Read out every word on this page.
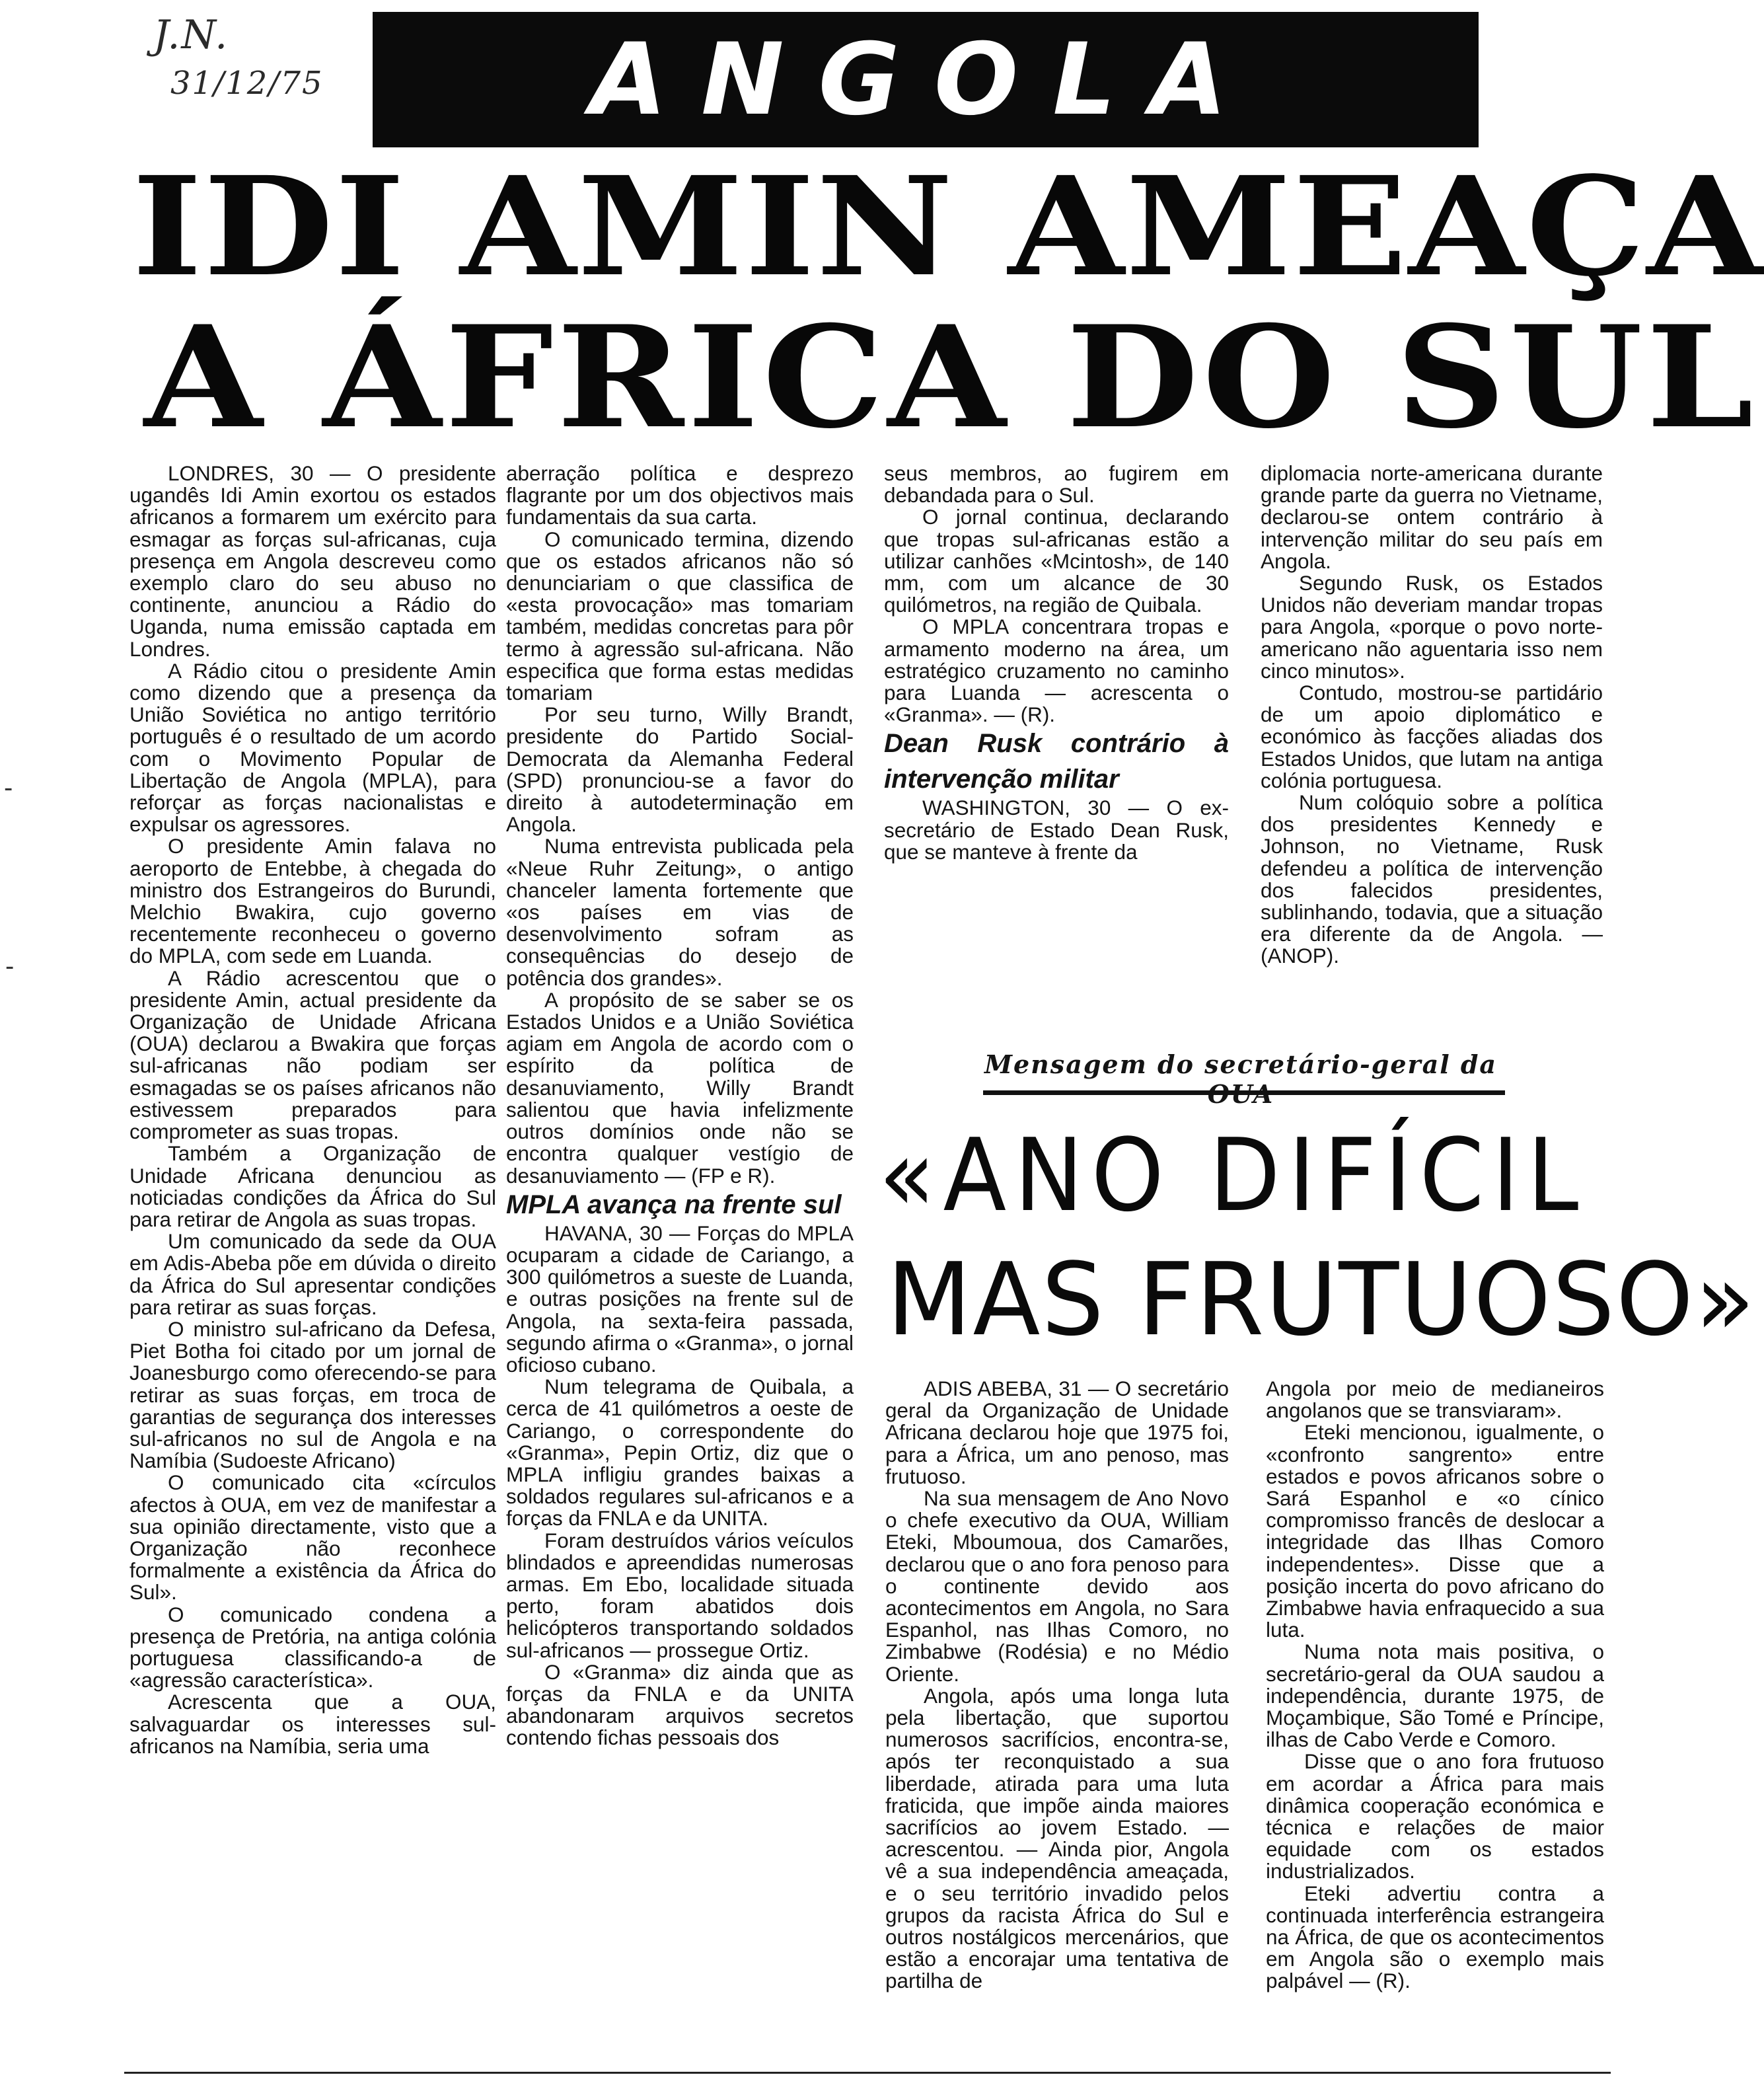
J.N.
31/12/75	ANGOLA
IDI AMIN AMEAÇA
A ÁFRICA DO SUL

LONDRES, 30 — O presidente ugandês Idi Amin exortou os estados africanos a formarem um exército para esmagar as forças sul-africanas, cuja presença em Angola descreveu como exemplo claro do seu abuso no continente, anunciou a Rádio do Uganda, numa emissão captada em Londres.

A Rádio citou o presidente Amin como dizendo que a presença da União Soviética no antigo território português é o resultado de um acordo com o Movimento Popular de Libertação de Angola (MPLA), para reforçar as forças nacionalistas e expulsar os agressores.

O presidente Amin falava no aeroporto de Entebbe, à chegada do ministro dos Estrangeiros do Burundi, Melchio Bwakira, cujo governo recentemente reconheceu o governo do MPLA, com sede em Luanda.

A Rádio acrescentou que o presidente Amin, actual presidente da Organização de Unidade Africana (OUA) declarou a Bwakira que forças sul-africanas não podiam ser esmagadas se os países africanos não estivessem preparados para comprometer as suas tropas.

Também a Organização de Unidade Africana denunciou as noticiadas condições da África do Sul para retirar de Angola as suas tropas.

Um comunicado da sede da OUA em Adis-Abeba põe em dúvida o direito da África do Sul apresentar condições para retirar as suas forças.

O ministro sul-africano da Defesa, Piet Botha foi citado por um jornal de Joanesburgo como oferecendo-se para retirar as suas forças, em troca de garantias de segurança dos interesses sul-africanos no sul de Angola e na Namíbia (Sudoeste Africano)

O comunicado cita «círculos afectos à OUA, em vez de manifestar a sua opinião directamente, visto que a Organização não reconhece formalmente a existência da África do Sul».

O comunicado condena a presença de Pretória, na antiga colónia portuguesa classificando-a de «agressão característica».

Acrescenta que a OUA, salvaguardar os interesses sul-africanos na Namíbia, seria uma

aberração política e desprezo flagrante por um dos objectivos mais fundamentais da sua carta.

O comunicado termina, dizendo que os estados africanos não só denunciariam o que classifica de «esta provocação» mas tomariam também, medidas concretas para pôr termo à agressão sul-africana. Não especifica que forma estas medidas tomariam

Por seu turno, Willy Brandt, presidente do Partido Social-Democrata da Alemanha Federal (SPD) pronunciou-se a favor do direito à autodeterminação em Angola.

Numa entrevista publicada pela «Neue Ruhr Zeitung», o antigo chanceler lamenta fortemente que «os países em vias de desenvolvimento sofram as consequências do desejo de potência dos grandes».

A propósito de se saber se os Estados Unidos e a União Soviética agiam em Angola de acordo com o espírito da política de desanuviamento, Willy Brandt salientou que havia infelizmente outros domínios onde não se encontra qualquer vestígio de desanuviamento — (FP e R).

MPLA avança na frente sul

HAVANA, 30 — Forças do MPLA ocuparam a cidade de Cariango, a 300 quilómetros a sueste de Luanda, e outras posições na frente sul de Angola, na sexta-feira passada, segundo afirma o «Granma», o jornal oficioso cubano.

Num telegrama de Quibala, a cerca de 41 quilómetros a oeste de Cariango, o correspondente do «Granma», Pepin Ortiz, diz que o MPLA infligiu grandes baixas a soldados regulares sul-africanos e a forças da FNLA e da UNITA.

Foram destruídos vários veículos blindados e apreendidas numerosas armas. Em Ebo, localidade situada perto, foram abatidos dois helicópteros transportando soldados sul-africanos — prossegue Ortiz.

O «Granma» diz ainda que as forças da FNLA e da UNITA abandonaram arquivos secretos contendo fichas pessoais dos

seus membros, ao fugirem em debandada para o Sul.

O jornal continua, declarando que tropas sul-africanas estão a utilizar canhões «Mcintosh», de 140 mm, com um alcance de 30 quilómetros, na região de Quibala.

O MPLA concentrara tropas e armamento moderno na área, um estratégico cruzamento no caminho para Luanda — acrescenta o «Granma». — (R).

Dean Rusk contrário à intervenção militar

WASHINGTON, 30 — O ex-secretário de Estado Dean Rusk, que se manteve à frente da

diplomacia norte-americana durante grande parte da guerra no Vietname, declarou-se ontem contrário à intervenção militar do seu país em Angola.

Segundo Rusk, os Estados Unidos não deveriam mandar tropas para Angola, «porque o povo norte-americano não aguentaria isso nem cinco minutos».

Contudo, mostrou-se partidário de um apoio diplomático e económico às facções aliadas dos Estados Unidos, que lutam na antiga colónia portuguesa.

Num colóquio sobre a política dos presidentes Kennedy e Johnson, no Vietname, Rusk defendeu a política de intervenção dos falecidos presidentes, sublinhando, todavia, que a situação era diferente da de Angola. — (ANOP).

Mensagem do secretário-geral da
«ANO DIFÍCIL
MAS FRUTUOSO»

ADIS ABEBA, 31 — O secretário geral da Organização de Unidade Africana declarou hoje que 1975 foi, para a África, um ano penoso, mas frutuoso.

Na sua mensagem de Ano Novo o chefe executivo da OUA, William Eteki, Mboumoua, dos Camarões, declarou que o ano fora penoso para o continente devido aos acontecimentos em Angola, no Sara Espanhol, nas Ilhas Comoro, no Zimbabwe (Rodésia) e no Médio Oriente.

Angola, após uma longa luta pela libertação, que suportou numerosos sacrifícios, encontra-se, após ter reconquistado a sua liberdade, atirada para uma luta fraticida, que impõe ainda maiores sacrifícios ao jovem Estado. — acrescentou. — Ainda pior, Angola vê a sua independência ameaçada, e o seu território invadido pelos grupos da racista África do Sul e outros nostálgicos mercenários, que estão a encorajar uma tentativa de partilha de

Angola por meio de medianeiros angolanos que se transviaram».

Eteki mencionou, igualmente, o «confronto sangrento» entre estados e povos africanos sobre o Sará Espanhol e «o cínico compromisso francês de deslocar a integridade das Ilhas Comoro independentes». Disse que a posição incerta do povo africano do Zimbabwe havia enfraquecido a sua luta.

Numa nota mais positiva, o secretário-geral da OUA saudou a independência, durante 1975, de Moçambique, São Tomé e Príncipe, ilhas de Cabo Verde e Comoro.

Disse que o ano fora frutuoso em acordar a África para mais dinâmica cooperação económica e técnica e relações de maior equidade com os estados industrializados.

Eteki advertiu contra a continuada interferência estrangeira na África, de que os acontecimentos em Angola são o exemplo mais palpável — (R).

-
-
